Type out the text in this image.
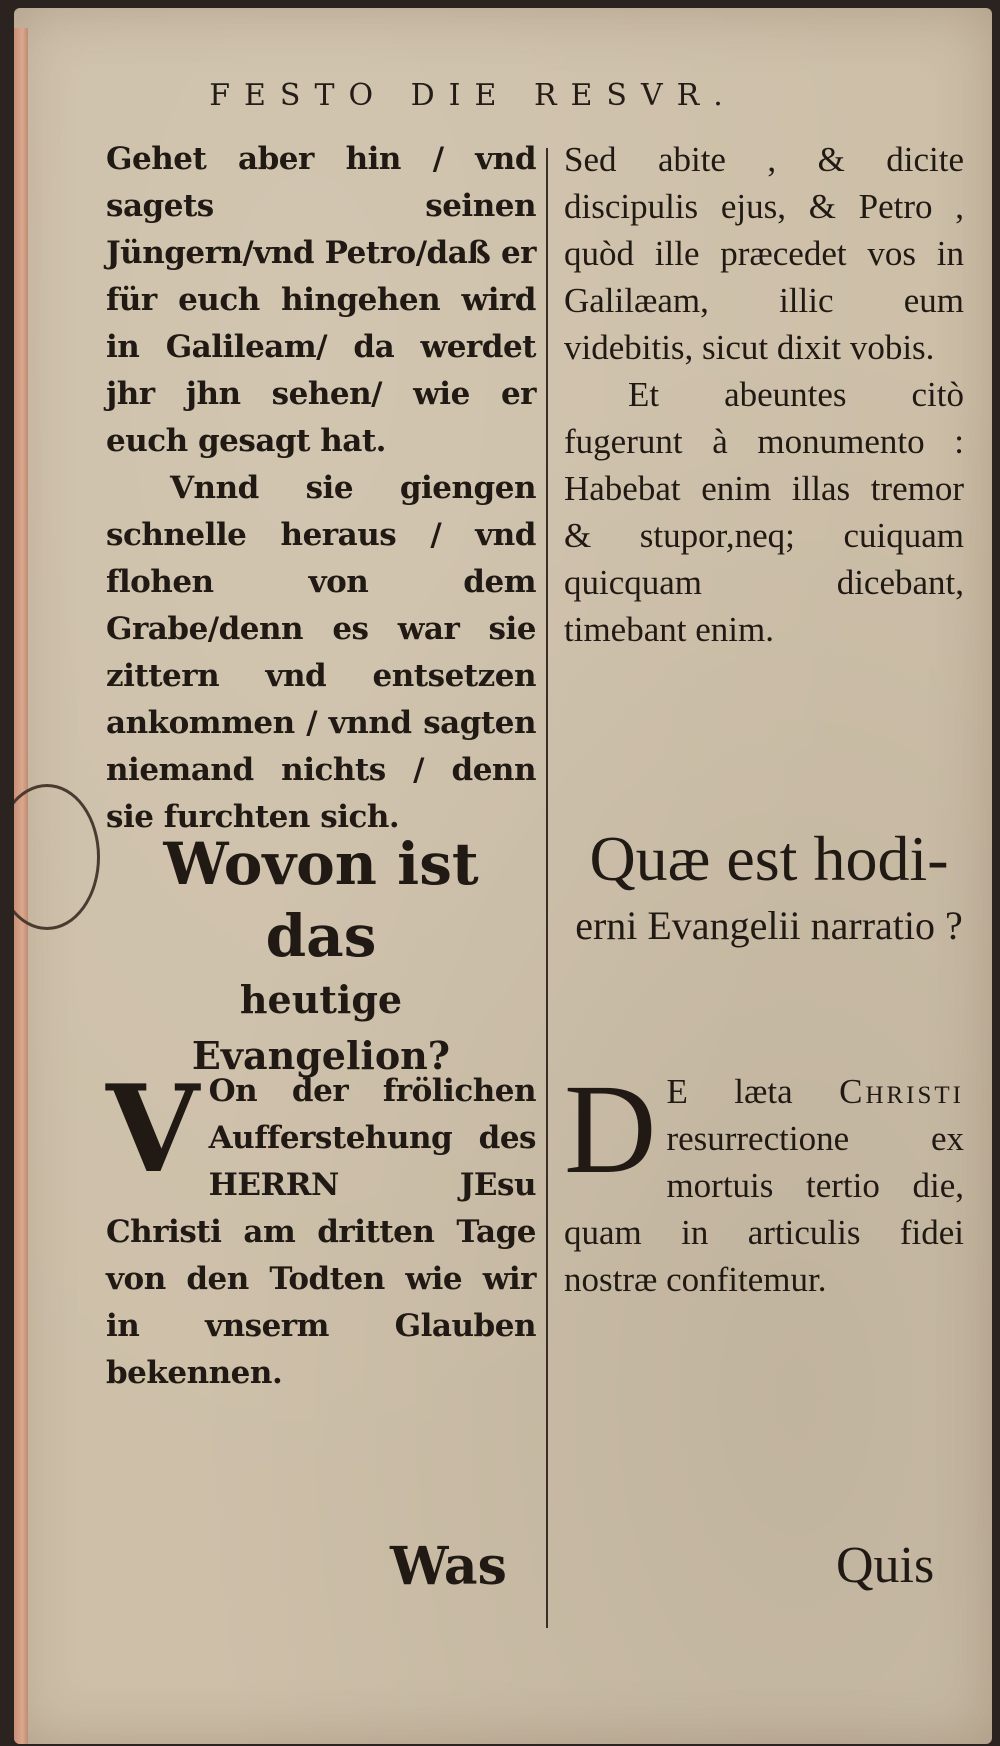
FESTO DIE RESVR.

Gehet aber hin / vnd sagets seinen Jüngern/vnd Petro/daß er für euch hingehen wird in Galileam/ da werdet jhr jhn sehen/ wie er euch gesagt hat.

Vnnd sie giengen schnelle heraus / vnd flohen von dem Grabe/denn es war sie zittern vnd entsetzen ankommen / vnnd sagten niemand nichts / denn sie furchten sich.

Sed abite , & dicite discipulis ejus, & Petro , quòd ille præcedet vos in Galilæam, illic eum videbitis, sicut dixit vobis.

Et abeuntes citò fugerunt à monumento : Habebat enim illas tremor & stupor,neq; cuiquam quicquam dicebant, timebant enim.

Wovon ist das
heutige Evangelion?
Quæ est hodi-
erni Evangelii narratio ?

V On der frölichen Aufferstehung des HERRN JEsu Christi am dritten Tage von den Todten wie wir in vnserm Glauben bekennen.

D E læta Christi resurrectione ex mortuis tertio die, quam in articulis fidei nostræ confitemur.

Was	Quis
